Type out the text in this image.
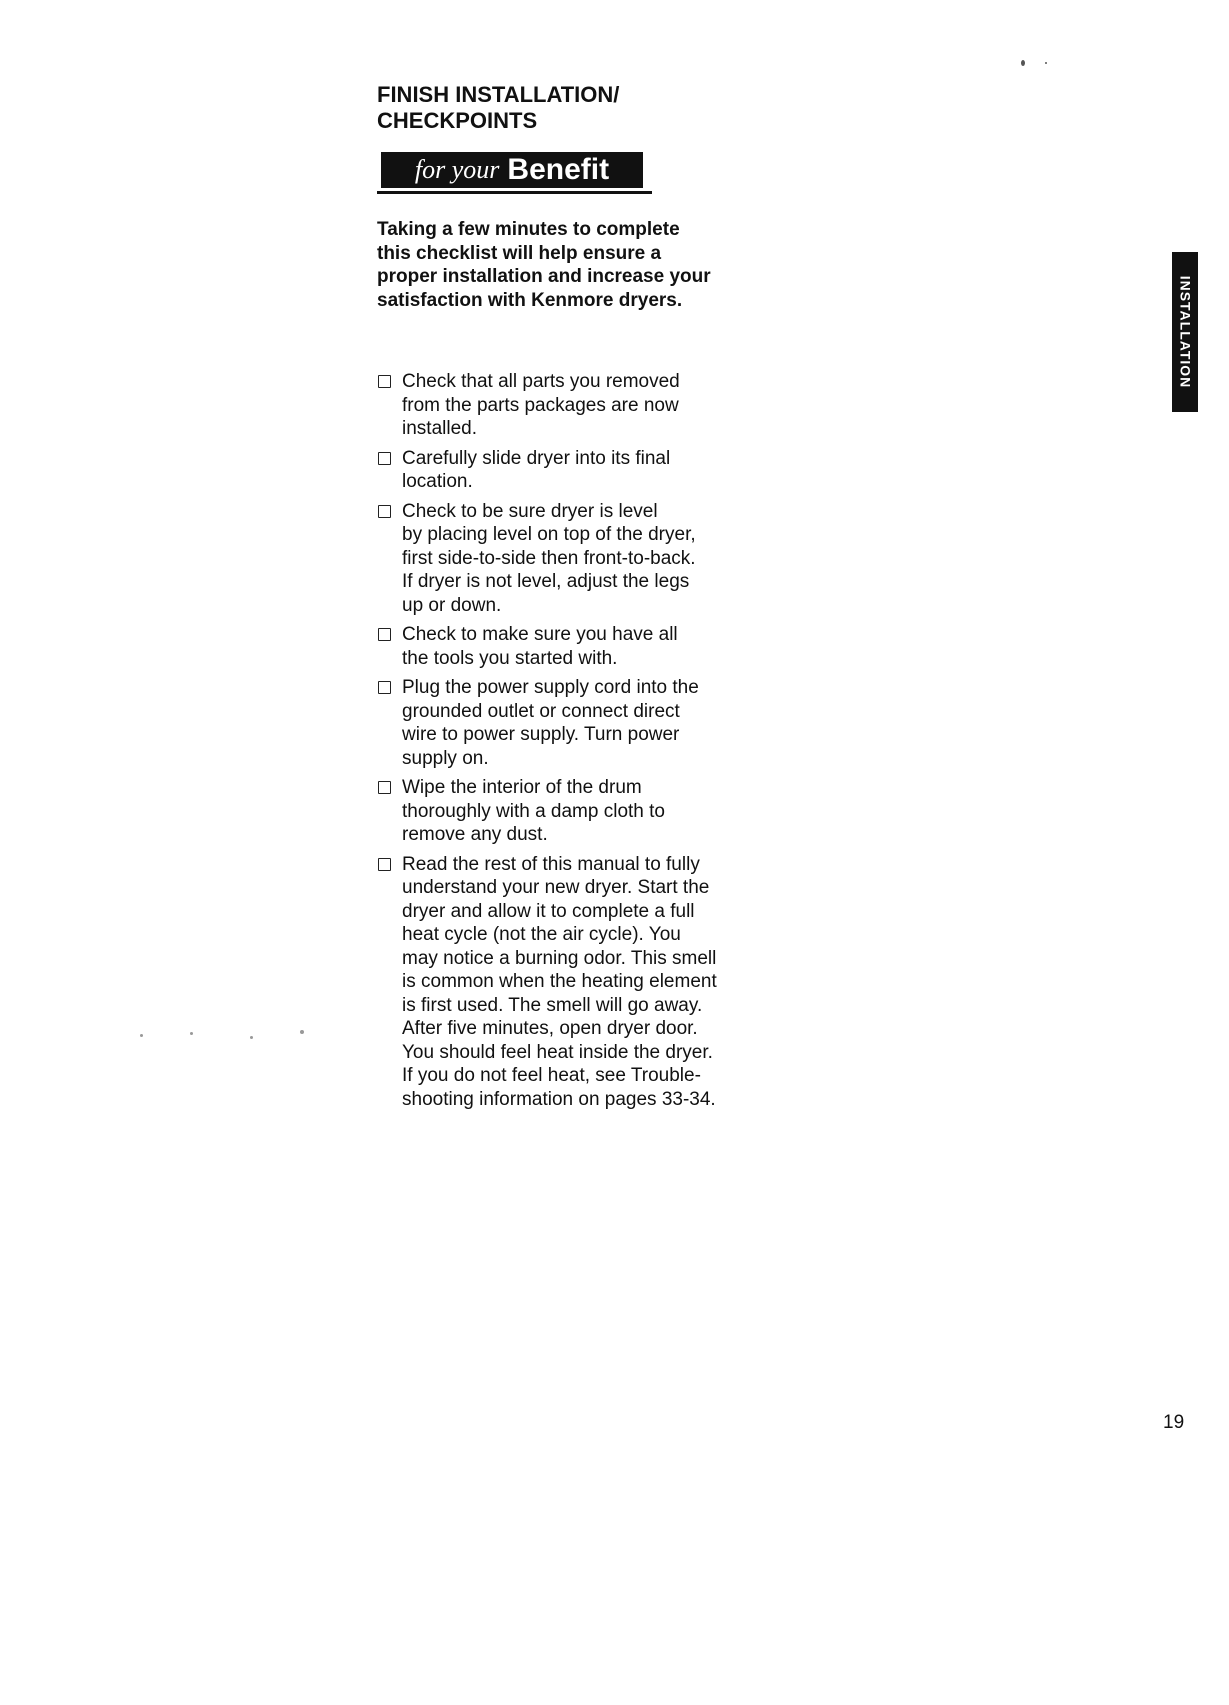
FINISH INSTALLATION/
CHECKPOINTS
for your Benefit
Taking a few minutes to complete
this checklist will help ensure a
proper installation and increase your
satisfaction with Kenmore dryers.
Check that all parts you removed
from the parts packages are now
installed.
Carefully slide dryer into its final
location.
Check to be sure dryer is level
by placing level on top of the dryer,
first side-to-side then front-to-back.
If dryer is not level, adjust the legs
up or down.
Check to make sure you have all
the tools you started with.
Plug the power supply cord into the
grounded outlet or connect direct
wire to power supply. Turn power
supply on.
Wipe the interior of the drum
thoroughly with a damp cloth to
remove any dust.
Read the rest of this manual to fully
understand your new dryer. Start the
dryer and allow it to complete a full
heat cycle (not the air cycle). You
may notice a burning odor. This smell
is common when the heating element
is first used. The smell will go away.
After five minutes, open dryer door.
You should feel heat inside the dryer.
If you do not feel heat, see Trouble-
shooting information on pages 33-34.
INSTALLATION
19
